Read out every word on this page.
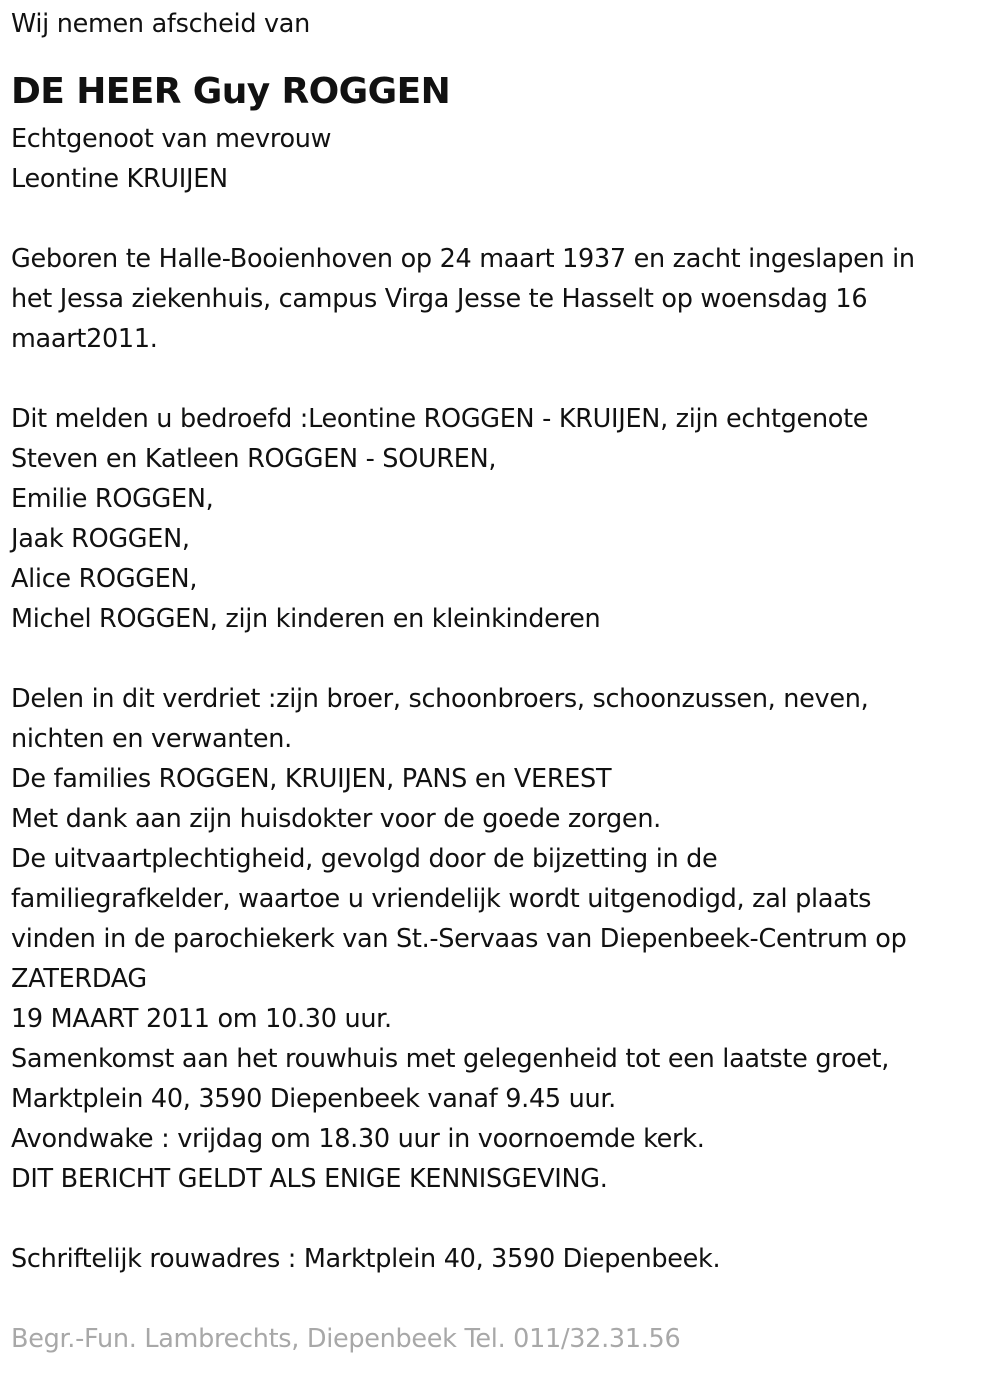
Wij nemen afscheid van
DE HEER Guy ROGGEN
Echtgenoot van mevrouw
Leontine KRUIJEN
Geboren te Halle-Booienhoven op 24 maart 1937 en zacht ingeslapen in
het Jessa ziekenhuis, campus Virga Jesse te Hasselt op woensdag 16
maart2011.
Dit melden u bedroefd :Leontine ROGGEN - KRUIJEN, zijn echtgenote
Steven en Katleen ROGGEN - SOUREN,
Emilie ROGGEN,
Jaak ROGGEN,
Alice ROGGEN,
Michel ROGGEN, zijn kinderen en kleinkinderen
Delen in dit verdriet :zijn broer, schoonbroers, schoonzussen, neven,
nichten en verwanten.
De families ROGGEN, KRUIJEN, PANS en VEREST
Met dank aan zijn huisdokter voor de goede zorgen.
De uitvaartplechtigheid, gevolgd door de bijzetting in de
familiegrafkelder, waartoe u vriendelijk wordt uitgenodigd, zal plaats
vinden in de parochiekerk van St.-Servaas van Diepenbeek-Centrum op
ZATERDAG
19 MAART 2011 om 10.30 uur.
Samenkomst aan het rouwhuis met gelegenheid tot een laatste groet,
Marktplein 40, 3590 Diepenbeek vanaf 9.45 uur.
Avondwake : vrijdag om 18.30 uur in voornoemde kerk.
DIT BERICHT GELDT ALS ENIGE KENNISGEVING.
Schriftelijk rouwadres : Marktplein 40, 3590 Diepenbeek.
Begr.-Fun. Lambrechts, Diepenbeek Tel. 011/32.31.56
